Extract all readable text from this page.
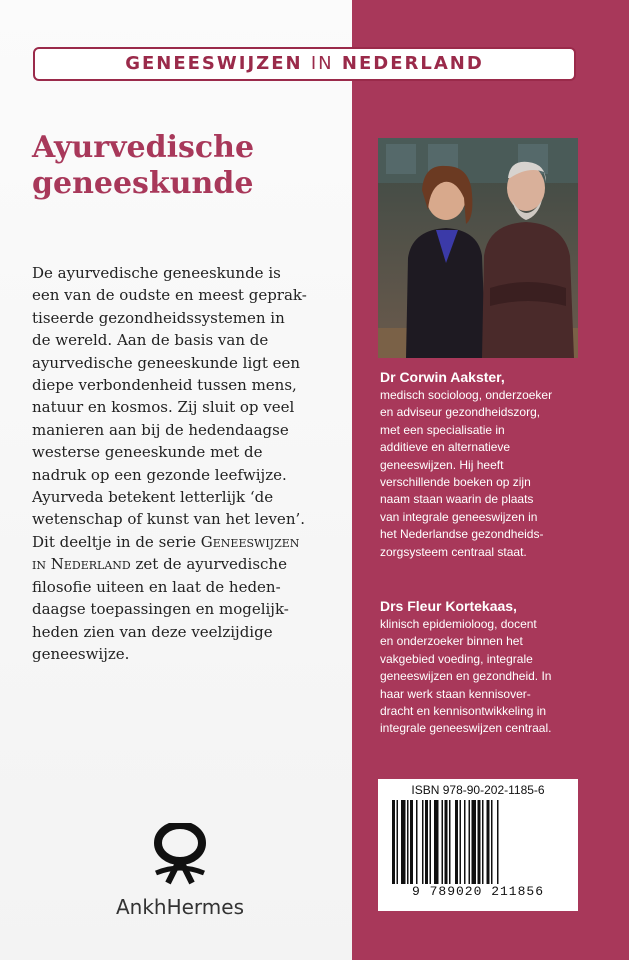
GENEESWIJZEN IN NEDERLAND
Ayurvedische
geneeskunde
De ayurvedische geneeskunde is
een van de oudste en meest geprak-
tiseerde gezondheidssystemen in
de wereld. Aan de basis van de
ayurvedische geneeskunde ligt een
diepe verbondenheid tussen mens,
natuur en kosmos. Zij sluit op veel
manieren aan bij de hedendaagse
westerse geneeskunde met de
nadruk op een gezonde leefwijze.
Ayurveda betekent letterlijk ‘de
wetenschap of kunst van het leven’.
Dit deeltje in de serie Geneeswijzen
in Nederland zet de ayurvedische
filosofie uiteen en laat de heden-
daagse toepassingen en mogelijk-
heden zien van deze veelzijdige
geneeswijze.
Dr Corwin Aakster,
medisch socioloog, onderzoeker
en adviseur gezondheidszorg,
met een specialisatie in
additieve en alternatieve
geneeswijzen. Hij heeft
verschillende boeken op zijn
naam staan waarin de plaats
van integrale geneeswijzen in
het Nederlandse gezondheids-
zorgsysteem centraal staat.
Drs Fleur Kortekaas,
klinisch epidemioloog, docent
en onderzoeker binnen het
vakgebied voeding, integrale
geneeswijzen en gezondheid. In
haar werk staan kennisover-
dracht en kennisontwikkeling in
integrale geneeswijzen centraal.
ISBN 978-90-202-1185-6
9 789020 211856
AnkhHermes
